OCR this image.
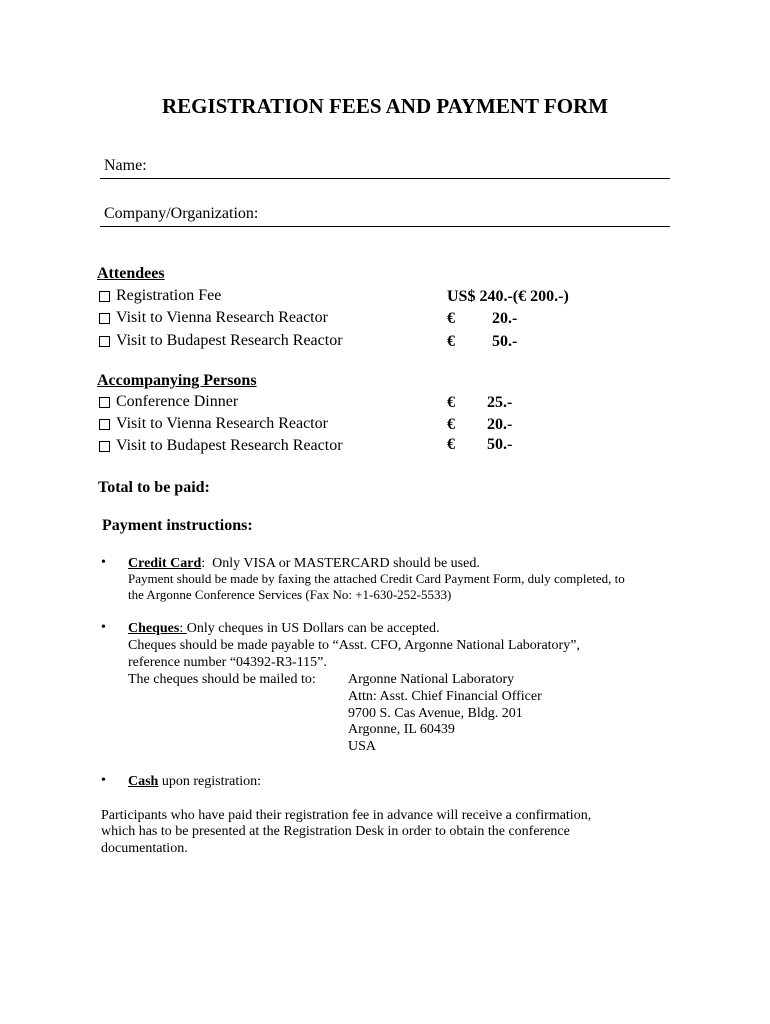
REGISTRATION FEES AND PAYMENT FORM
Name:
Company/Organization:
Attendees
Registration Fee	US$ 240.-(€ 200.-)
Visit to Vienna Research Reactor	€ 20.-
Visit to Budapest Research Reactor	€ 50.-
Accompanying Persons
Conference Dinner	€ 25.-
Visit to Vienna Research Reactor	€ 20.-
Visit to Budapest Research Reactor	€ 50.-
Total to be paid:
Payment instructions:
• Credit Card: Only VISA or MASTERCARD should be used.
Payment should be made by faxing the attached Credit Card Payment Form, duly completed, to
the Argonne Conference Services (Fax No: +1-630-252-5533)
• Cheques: Only cheques in US Dollars can be accepted.
Cheques should be made payable to “Asst. CFO, Argonne National Laboratory”,
reference number “04392-R3-115”.
The cheques should be mailed to: Argonne National Laboratory
Attn: Asst. Chief Financial Officer
9700 S. Cas Avenue, Bldg. 201
Argonne, IL 60439
USA
• Cash upon registration:
Participants who have paid their registration fee in advance will receive a confirmation,
which has to be presented at the Registration Desk in order to obtain the conference
documentation.
